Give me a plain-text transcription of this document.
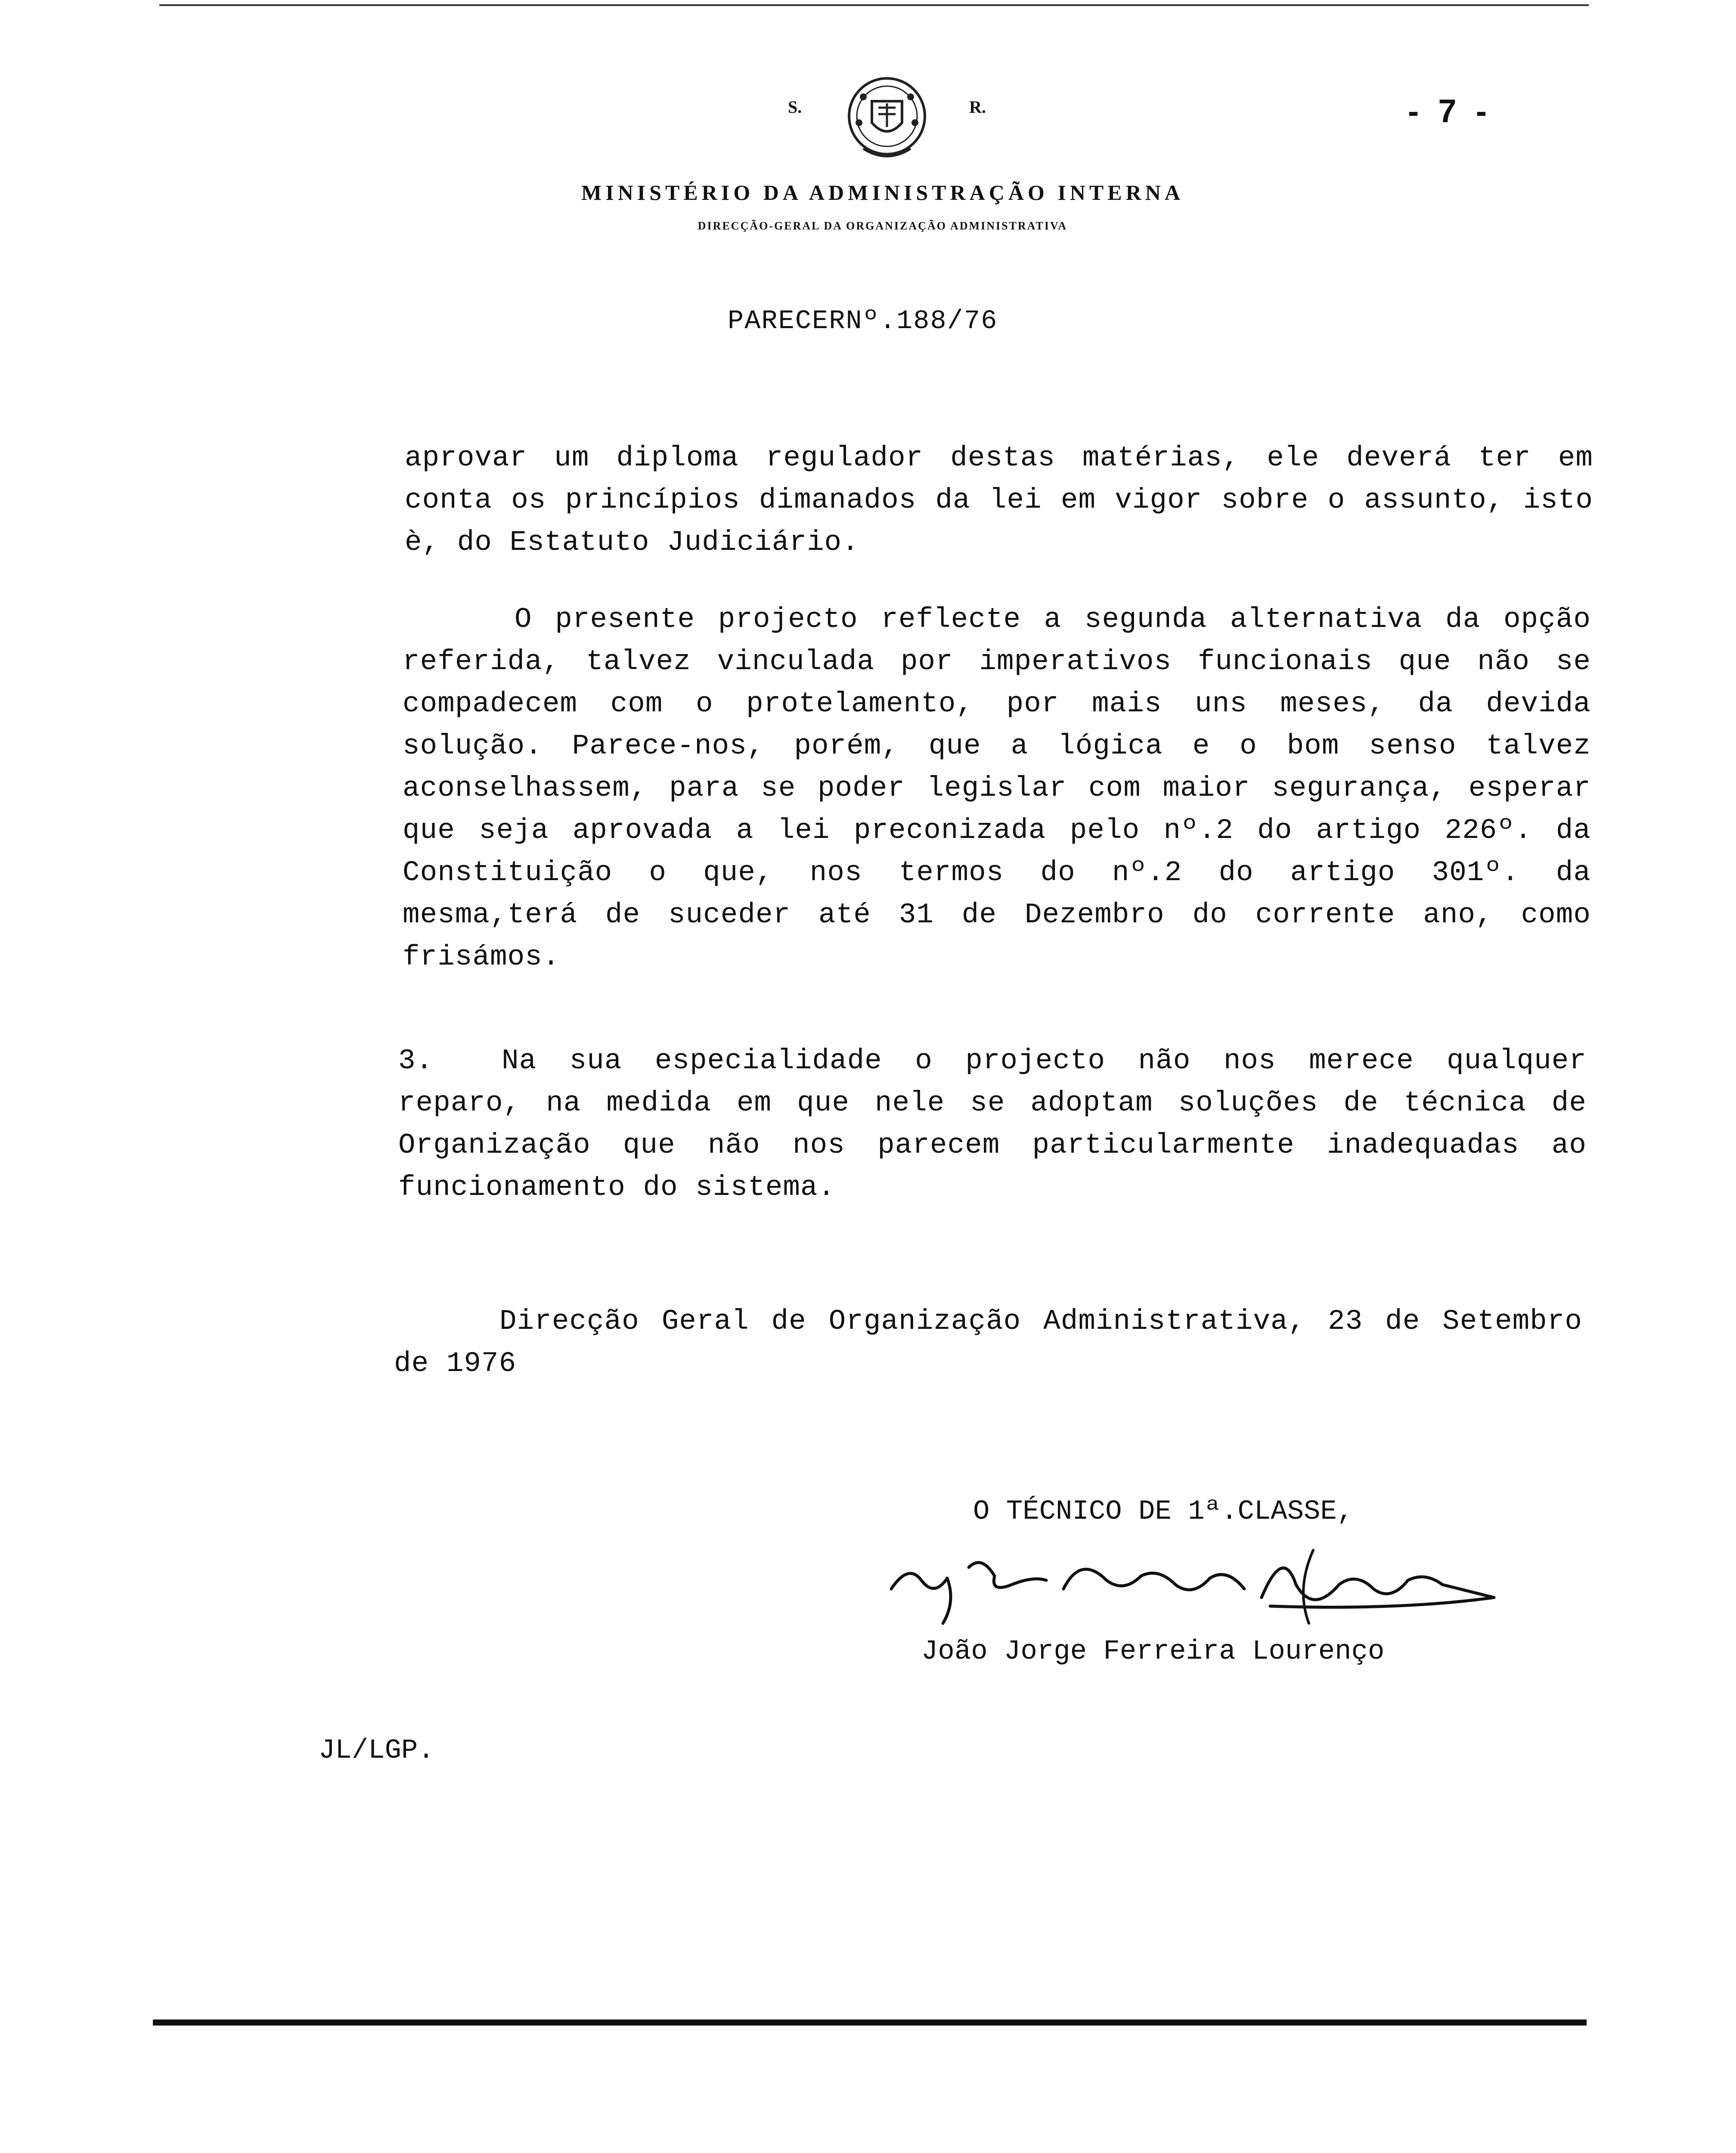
S.	R.	- 7 -
MINISTÉRIO DA ADMINISTRAÇÃO INTERNA
DIRECÇÃO-GERAL DA ORGANIZAÇÃO ADMINISTRATIVA
PARECERNº.188/76
aprovar um diploma regulador destas matérias, ele deverá ter em conta os princípios dimanados da lei em vigor sobre o assunto, isto è, do Estatuto Judiciário.
O presente projecto reflecte a segunda alternativa da opção referida, talvez vinculada por imperativos funcionais que não se compadecem com o protelamento, por mais uns meses, da devida solução. Parece-nos, porém, que a lógica e o bom senso talvez aconselhassem, para se poder legislar com maior segurança, esperar que seja aprovada a lei preconizada pelo nº.2 do artigo 226º. da Constituição o que, nos termos do nº.2 do artigo 301º. da mesma,terá de suceder até 31 de Dezembro do corrente ano, como frisámos.
3. Na sua especialidade o projecto não nos merece qualquer reparo, na medida em que nele se adoptam soluções de técnica de Organização que não nos parecem particularmente inadequadas ao funcionamento do sistema.
Direcção Geral de Organização Administrativa, 23 de Setembro de 1976
O TÉCNICO DE 1ª.CLASSE,
João Jorge Ferreira Lourenço
JL/LGP.
